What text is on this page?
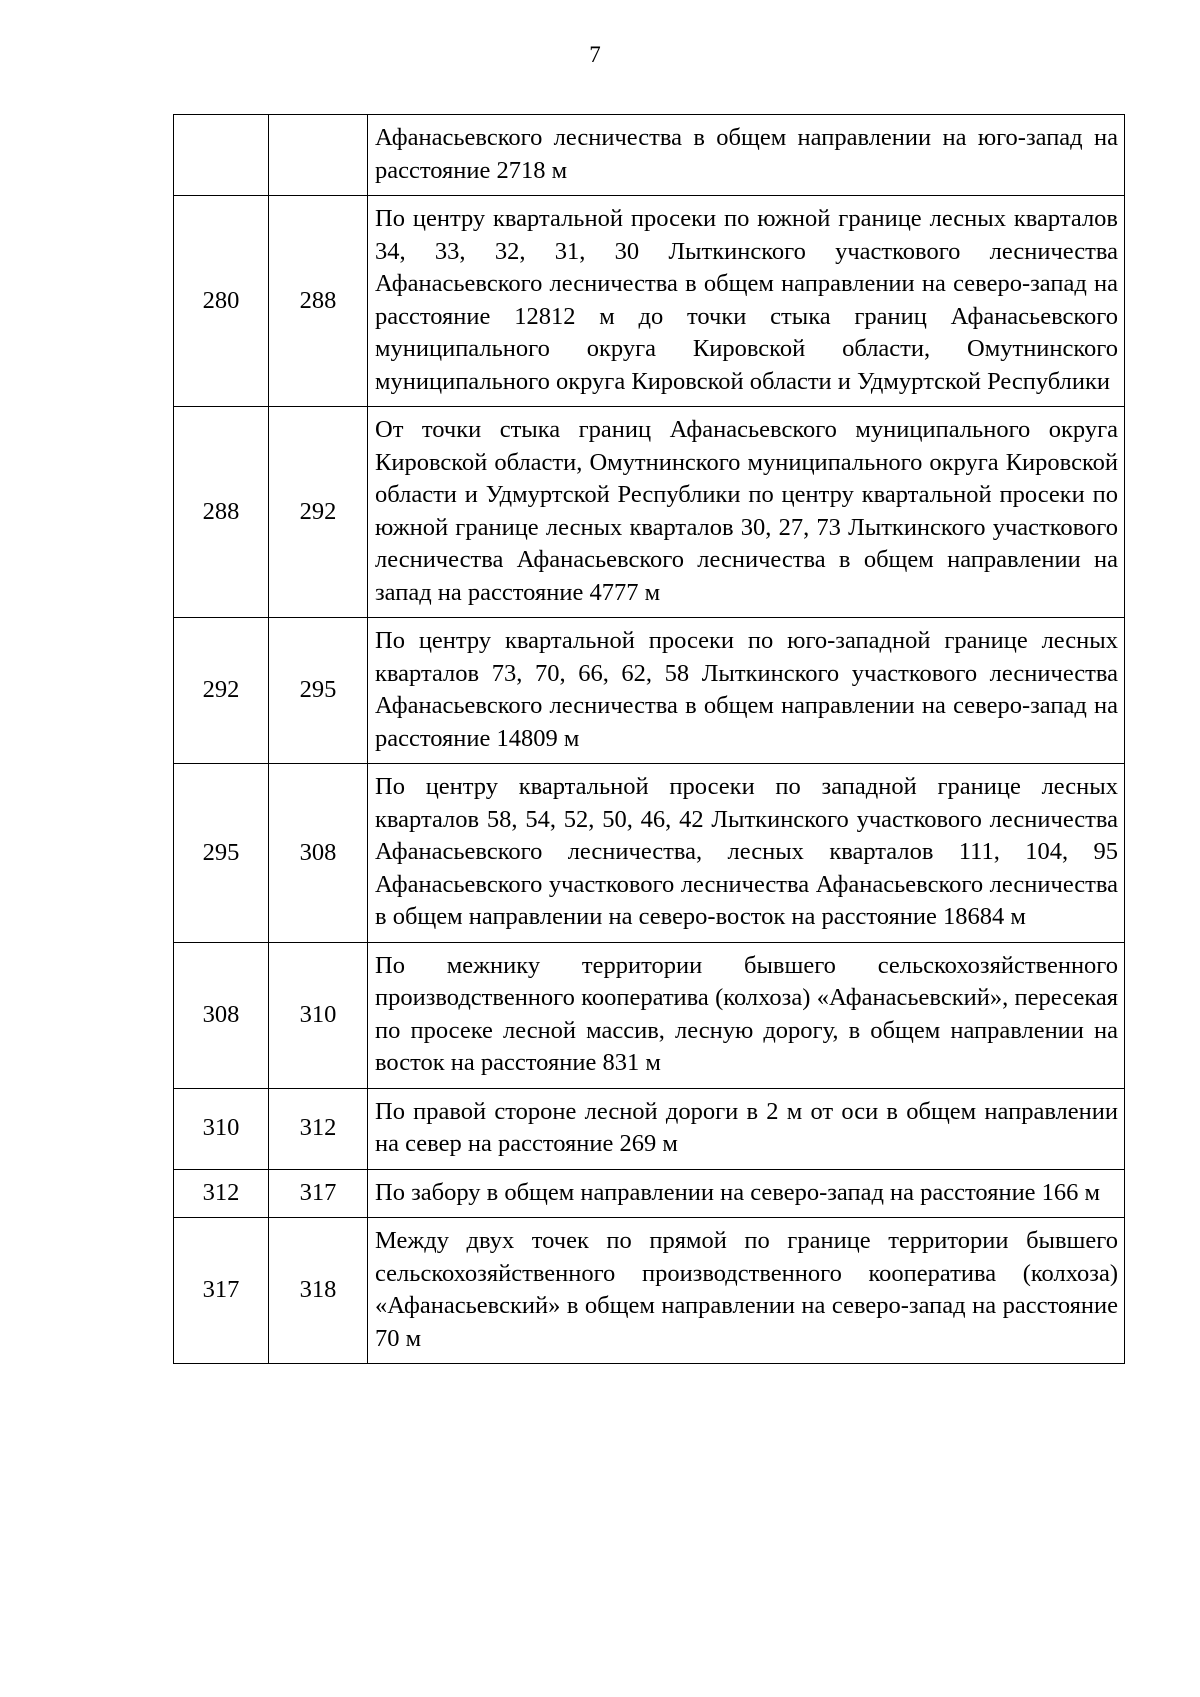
7
		Афанасьевского лесничества в общем направлении на юго-запад на расстояние 2718 м
280	288	По центру квартальной просеки по южной границе лесных кварталов 34, 33, 32, 31, 30 Лыткинского участкового лесничества Афанасьевского лесничества в общем направлении на северо-запад на расстояние 12812 м до точки стыка границ Афанасьевского муниципального округа Кировской области, Омутнинского муниципального округа Кировской области и Удмуртской Республики
288	292	От точки стыка границ Афанасьевского муниципального округа Кировской области, Омутнинского муниципального округа Кировской области и Удмуртской Республики по центру квартальной просеки по южной границе лесных кварталов 30, 27, 73 Лыткинского участкового лесничества Афанасьевского лесничества в общем направлении на запад на расстояние 4777 м
292	295	По центру квартальной просеки по юго-западной границе лесных кварталов 73, 70, 66, 62, 58 Лыткинского участкового лесничества Афанасьевского лесничества в общем направлении на северо-запад на расстояние 14809 м
295	308	По центру квартальной просеки по западной границе лесных кварталов 58, 54, 52, 50, 46, 42 Лыткинского участкового лесничества Афанасьевского лесничества, лесных кварталов 111, 104, 95 Афанасьевского участкового лесничества Афанасьевского лесничества в общем направлении на северо-восток на расстояние 18684 м
308	310	По межнику территории бывшего сельскохозяйственного производственного кооператива (колхоза) «Афанасьевский», пересекая по просеке лесной массив, лесную дорогу, в общем направлении на восток на расстояние 831 м
310	312	По правой стороне лесной дороги в 2 м от оси в общем направлении на север на расстояние 269 м
312	317	По забору в общем направлении на северо-запад на расстояние 166 м
317	318	Между двух точек по прямой по границе территории бывшего сельскохозяйственного производственного кооператива (колхоза) «Афанасьевский» в общем направлении на северо-запад на расстояние 70 м
